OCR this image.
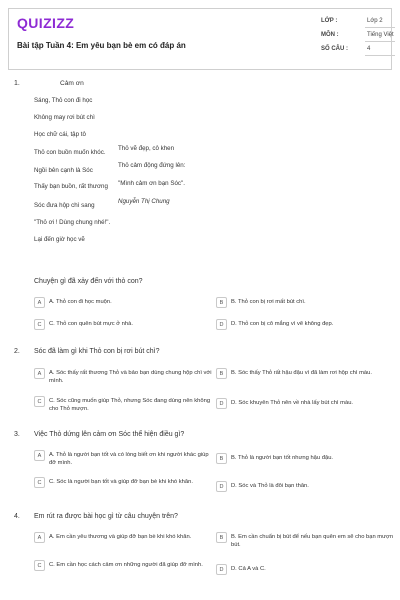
QUIZIZZ
Bài tập Tuần 4: Em yêu bạn bè em có đáp án
LỚP :	Lớp 2
MÔN :	Tiếng Việt
SỐ CÂU :	4
1.	Cảm ơn
Sáng, Thỏ con đi học
Không may rơi bút chì
Học chữ cái, tập tô
Thỏ con buồn muốn khóc.
Ngồi bên cạnh là Sóc
Thấy bạn buồn, rất thương
Sóc đưa hộp chì sang
"Thỏ ơi ! Dùng chung nhé!".
Lại đến giờ học vẽ
Thỏ vẽ đẹp, cô khen
Thỏ cảm động đứng lên:
"Mình cảm ơn bạn Sóc".
Nguyễn Thị Chung
Chuyện gì đã xảy đến với thỏ con?
A	A. Thỏ con đi học muộn.	B	B. Thỏ con bị rơi mất bút chì.
C	C. Thỏ con quên bút mực ở nhà.	D	D. Thỏ con bị cô mắng vì vẽ không đẹp.
2. Sóc đã làm gì khi Thỏ con bị rơi bút chì?
A	A. Sóc thấy rất thương Thỏ và bảo bạn dùng chung hộp chì với mình.
B	B. Sóc thấy Thỏ rất hậu đậu vì đã làm rơi hộp chì màu.
C	C. Sóc cũng muốn giúp Thỏ, nhưng Sóc đang dùng nên không cho Thỏ mượn.
D	D. Sóc khuyên Thỏ nên về nhà lấy bút chì màu.
3. Việc Thỏ dứng lên cảm ơn Sóc thể hiện điều gì?
A	A. Thỏ là người bạn tốt và có lòng biết ơn khi người khác giúp đỡ mình.
B	B. Thỏ là người bạn tốt nhưng hậu đậu.
C	C. Sóc là người bạn tốt và giúp đỡ bạn bè khi khó khăn.
D	D. Sóc và Thỏ là đôi bạn thân.
4. Em rút ra được bài học gì từ câu chuyện trên?
A	A. Em cần yêu thương và giúp đỡ bạn bè khi khó khăn.	B	B. Em cần chuẩn bị bút để nếu bạn quên em sẽ cho bạn mượn bút.
C	C. Em cần học cách cảm ơn những người đã giúp đỡ mình.
D	D. Cả A và C.
